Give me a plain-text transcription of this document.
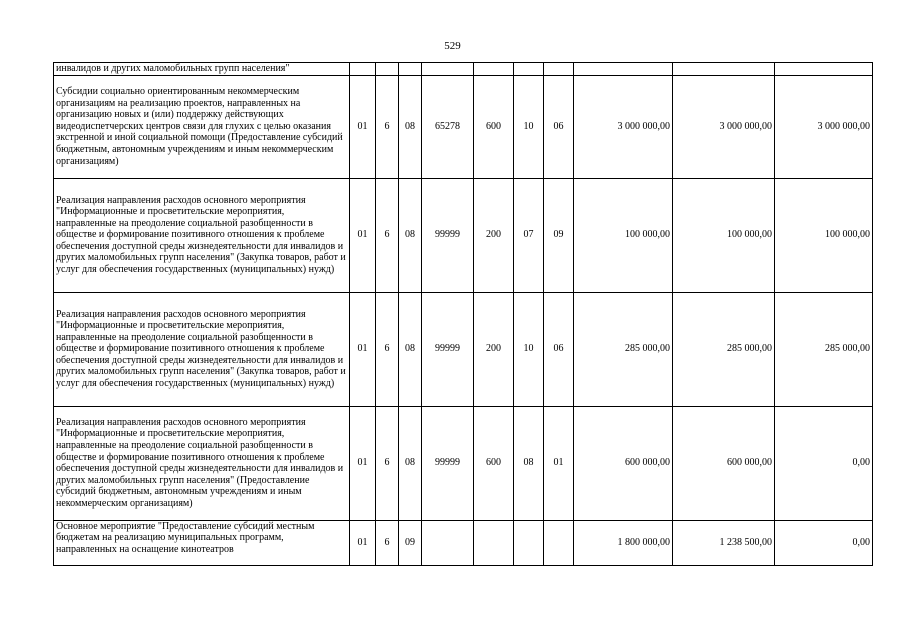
529
инвалидов и других маломобильных групп населения"										
Субсидии социально ориентированным некоммерческим организациям на реализацию проектов, направленных на организацию новых и (или) поддержку действующих видеодиспетчерских центров связи для глухих с целью оказания экстренной и иной социальной помощи (Предоставление субсидий бюджетным, автономным учреждениям и иным некоммерческим организациям)	01	6	08	65278	600	10	06	3 000 000,00	3 000 000,00	3 000 000,00
Реализация направления расходов основного мероприятия "Информационные и просветительские мероприятия, направленные на преодоление социальной разобщенности в обществе и формирование позитивного отношения к проблеме обеспечения доступной среды жизнедеятельности для инвалидов и других маломобильных групп населения" (Закупка товаров, работ и услуг для обеспечения государственных (муниципальных) нужд)	01	6	08	99999	200	07	09	100 000,00	100 000,00	100 000,00
Реализация направления расходов основного мероприятия "Информационные и просветительские мероприятия, направленные на преодоление социальной разобщенности в обществе и формирование позитивного отношения к проблеме обеспечения доступной среды жизнедеятельности для инвалидов и других маломобильных групп населения" (Закупка товаров, работ и услуг для обеспечения государственных (муниципальных) нужд)	01	6	08	99999	200	10	06	285 000,00	285 000,00	285 000,00
Реализация направления расходов основного мероприятия "Информационные и просветительские мероприятия, направленные на преодоление социальной разобщенности в обществе и формирование позитивного отношения к проблеме обеспечения доступной среды жизнедеятельности для инвалидов и других маломобильных групп населения" (Предоставление субсидий бюджетным, автономным учреждениям и иным некоммерческим организациям)	01	6	08	99999	600	08	01	600 000,00	600 000,00	0,00
Основное мероприятие "Предоставление субсидий местным бюджетам на реализацию муниципальных программ, направленных на оснащение кинотеатров	01	6	09					1 800 000,00	1 238 500,00	0,00
